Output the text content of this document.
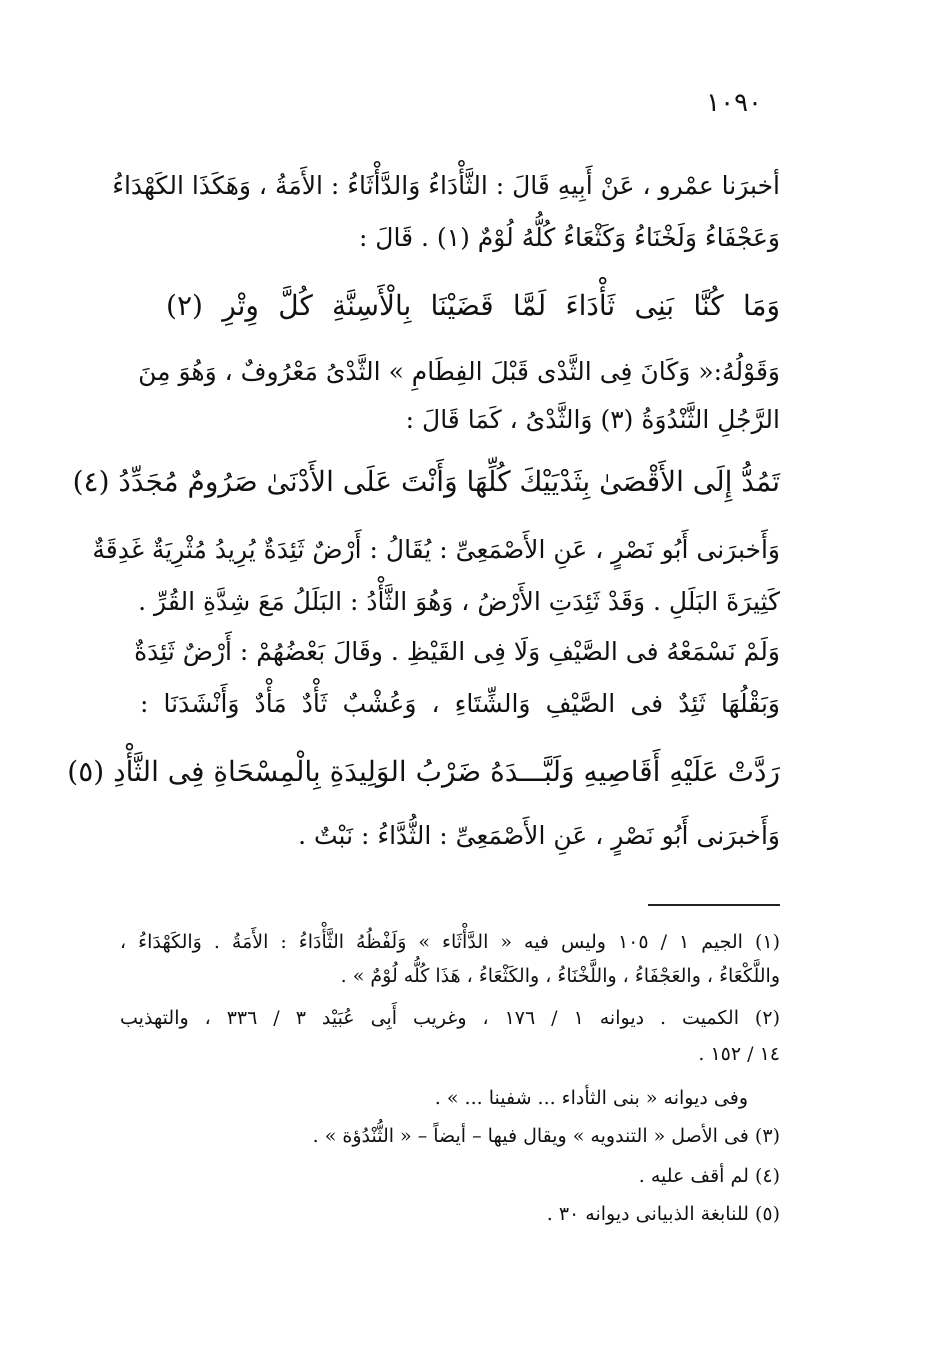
١٠٩٠

أخبرَنا عمْرو ، عَنْ أَبِيهِ قَالَ : الثَّأْدَاءُ وَالدَّأْثَاءُ : الأَمَةُ ، وَهَكَذَا الكَهْدَاءُ

وَعَجْفَاءُ وَلَخْنَاءُ وَكَثْعَاءُ كُلُّهُ لُوْمٌ (١) . قَالَ :

وَمَا كُنَّا بَنِى ثَأْدَاءَ لَمَّا قَضَيْنَا بِالْأَسِنَّةِ كُلَّ وِتْرِ (٢)

وَقَوْلُهُ:« وَكَانَ فِى الثَّدْى قَبْلَ الفِطَامِ » الثَّدْىُ مَعْرُوفٌ ، وَهُوَ مِنَ

الرَّجُلِ الثَّنْدُوَةُ (٣) وَالثَّدْىُ ، كَمَا قَالَ :

تَمُدُّ إِلَى الأَقْصَىٰ بِثَدْيَيْكَ كُلِّهَا وَأَنْتَ عَلَى الأَدْنَىٰ صَرُومٌ مُجَدِّدُ (٤)

وَأَخبرَنى أَبُو نَصْرٍ ، عَنِ الأَصْمَعِىِّ : يُقَالُ : أَرْضٌ ثَئِدَةٌ يُرِيدُ مُثْرِيَةٌ غَدِقَةٌ

كَثِيرَةَ البَلَلِ . وَقَدْ ثَئِدَتِ الأَرْضُ ، وَهُوَ الثَّأْدُ : البَلَلُ مَعَ شِدَّةِ القُرِّ .

وَلَمْ نَسْمَعْهُ فى الصَّيْفِ وَلَا فِى القَيْظِ . وقَالَ بَعْضُهُمْ : أَرْضٌ ثَئِدَةٌ

وَبَقْلُهَا ثَئِدٌ فى الصَّيْفِ وَالشِّتَاءِ ، وَعُشْبٌ ثَأْدٌ مَأْدٌ وَأَنْشَدَنَا :

رَدَّتْ عَلَيْهِ أَقَاصِيهِ وَلَبَّـــدَهُ ضَرْبُ الوَلِيدَةِ بِالْمِسْحَاةِ فِى الثَّأْدِ (٥)

وَأَخبرَنى أَبُو نَصْرٍ ، عَنِ الأَصْمَعِىِّ : الثُّدَّاءُ : نَبْتٌ .

(١) الجيم ١ / ١٠٥ وليس فيه « الدَّأْثَاء » وَلَفْظُهُ الثَّأْدَاءُ : الأَمَةُ . وَالكَهْدَاءُ ،

واللَّكْعَاءُ ، والعَجْفَاءُ ، واللَّخْنَاءُ ، والكَثْعَاءُ ، هَذَا كُلُّه لُوْمٌ » .

(٢) الكميت . ديوانه ١ / ١٧٦ ، وغريب أَبِى عُبَيْد ٣ / ٣٣٦ ، والتهذيب

١٤ / ١٥٢ .

وفى ديوانه « بنى الثأداء ... شفينا ... » .

(٣) فى الأصل « التندويه » ويقال فيها – أيضاً – « الثُّنْدُؤة » .

(٤) لم أقف عليه .

(٥) للنابغة الذبيانى ديوانه ٣٠ .
